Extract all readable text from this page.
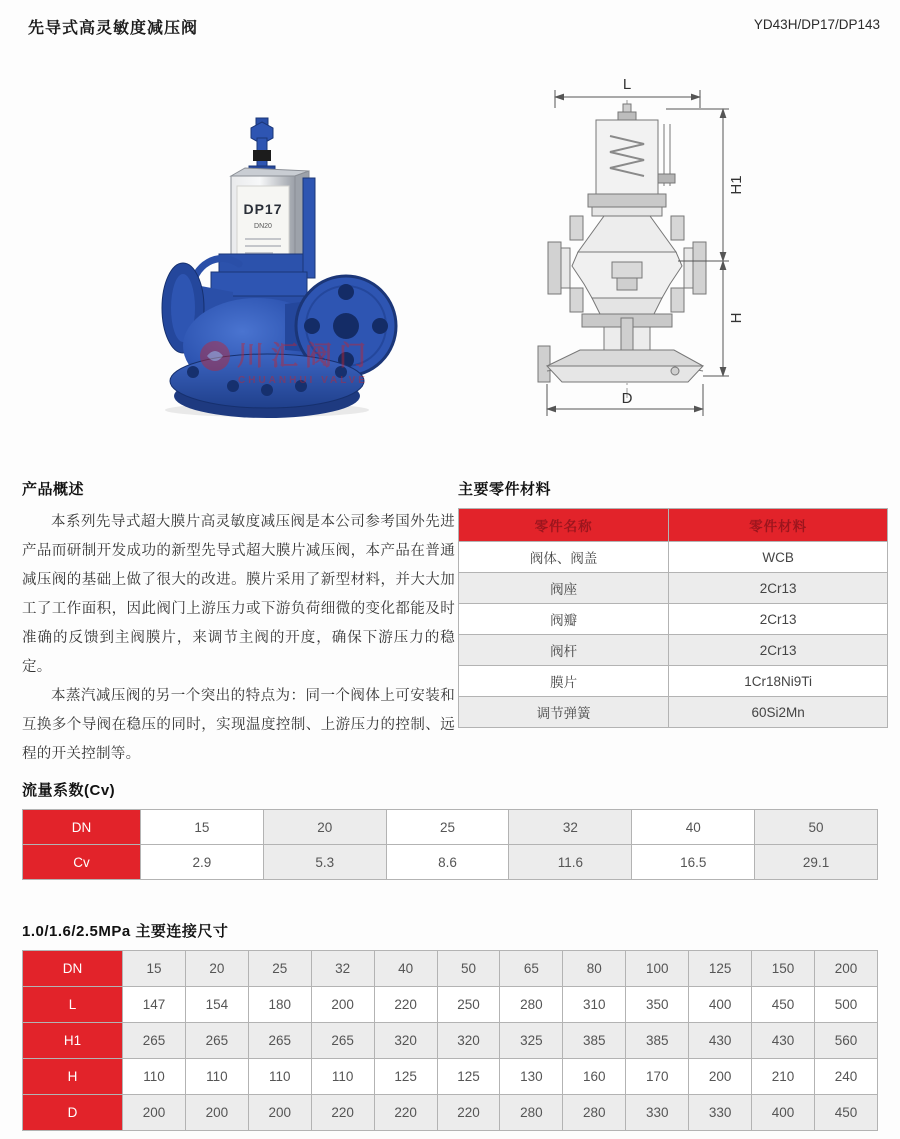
先导式高灵敏度减压阀	YD43H/DP17/DP143
DP17
DN20
川汇阀门
CHUANHUI VALVE
L
H1
H
D
产品概述

本系列先导式超大膜片高灵敏度减压阀是本公司参考国外先进产品而研制开发成功的新型先导式超大膜片减压阀，本产品在普通减压阀的基础上做了很大的改进。膜片采用了新型材料，并大大加工了工作面积，因此阀门上游压力或下游负荷细微的变化都能及时准确的反馈到主阀膜片，来调节主阀的开度，确保下游压力的稳定。

本蒸汽减压阀的另一个突出的特点为：同一个阀体上可安装和互换多个导阀在稳压的同时，实现温度控制、上游压力的控制、远程的开关控制等。

主要零件材料
零件名称	零件材料
阀体、阀盖	WCB
阀座	2Cr13
阀瓣	2Cr13
阀杆	2Cr13
膜片	1Cr18Ni9Ti
调节弹簧	60Si2Mn
流量系数(Cv)
DN	15	20	25	32	40	50
Cv	2.9	5.3	8.6	11.6	16.5	29.1
1.0/1.6/2.5MPa 主要连接尺寸
DN	15	20	25	32	40	50	65	80	100	125	150	200
L	147	154	180	200	220	250	280	310	350	400	450	500
H1	265	265	265	265	320	320	325	385	385	430	430	560
H	110	110	110	110	125	125	130	160	170	200	210	240
D	200	200	200	220	220	220	280	280	330	330	400	450
